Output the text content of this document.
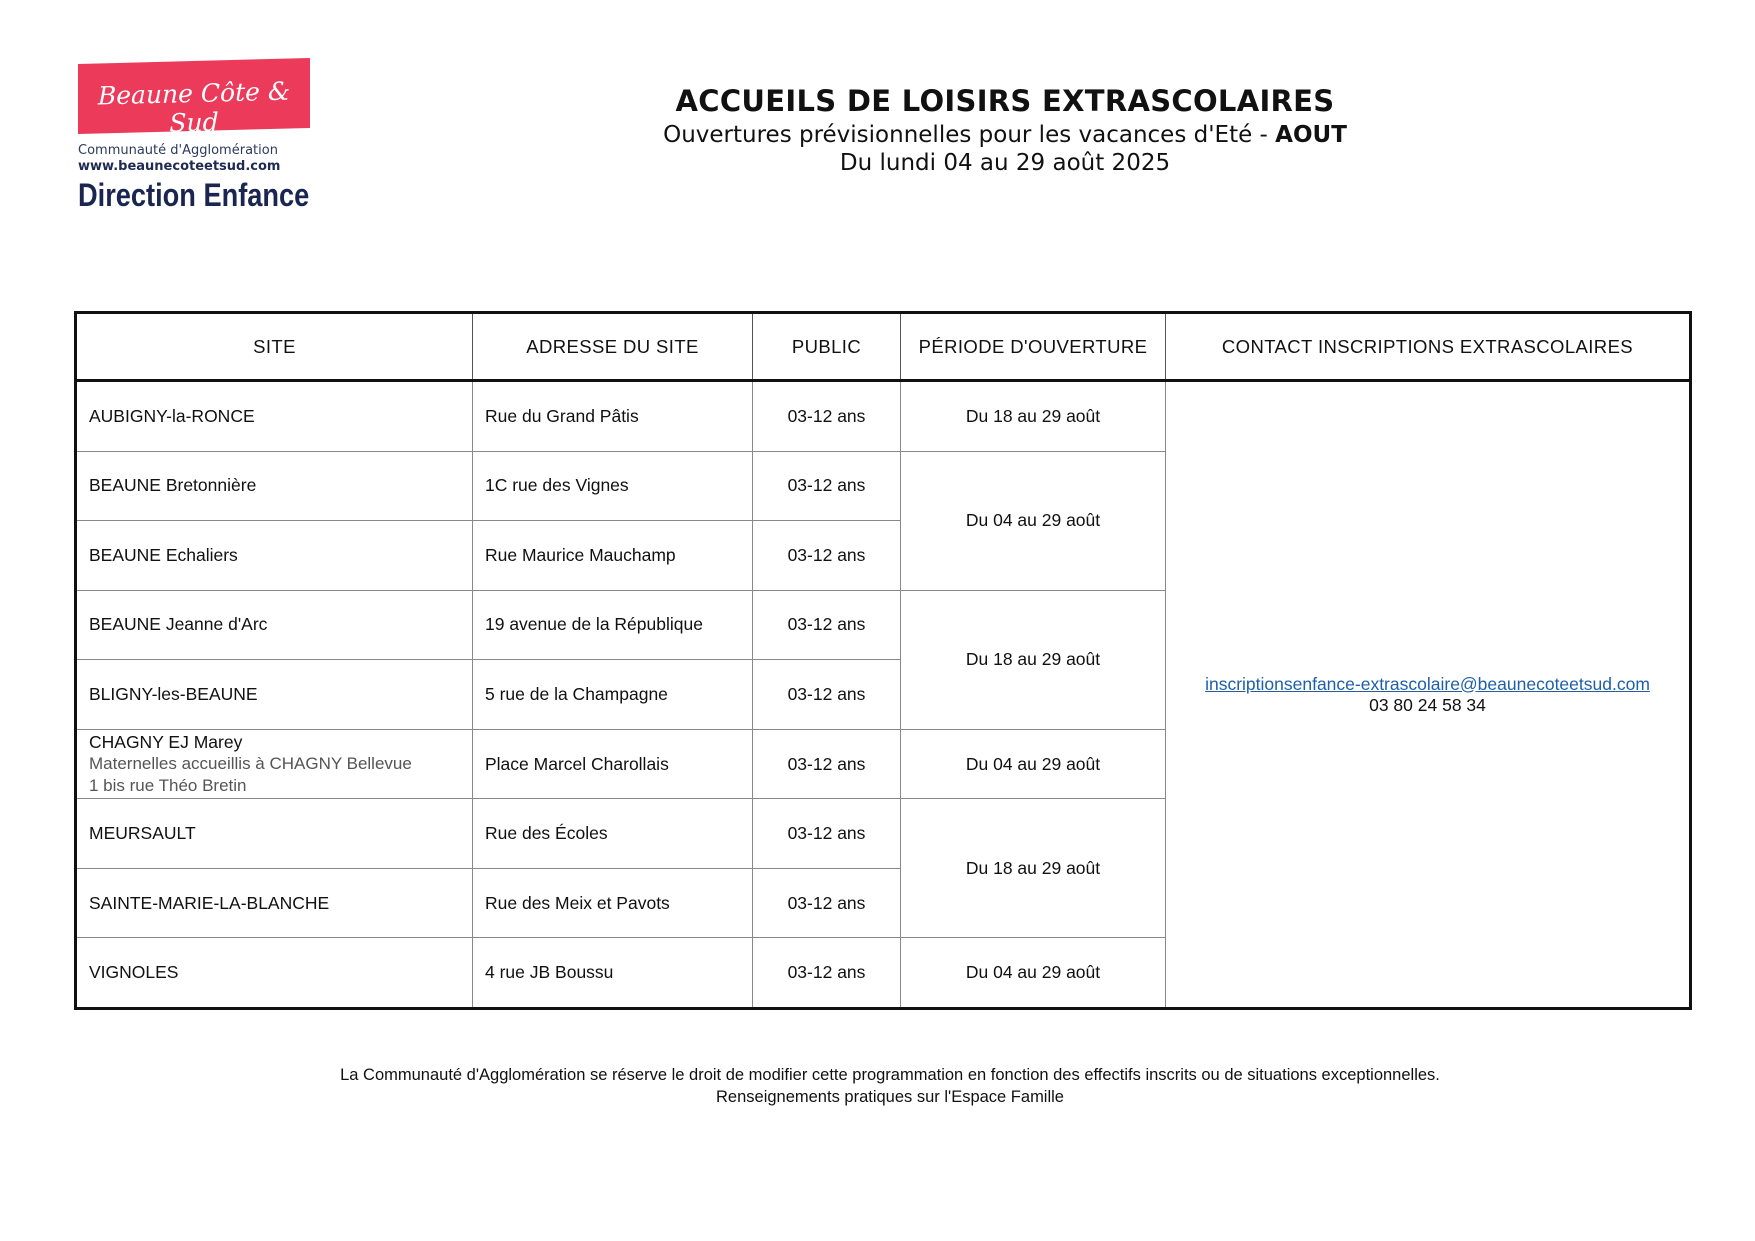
Beaune Côte & Sud
Communauté d'Agglomération
www.beaunecoteetsud.com
Direction Enfance
ACCUEILS DE LOISIRS EXTRASCOLAIRES
Ouvertures prévisionnelles pour les vacances d'Eté - AOUT
Du lundi 04 au 29 août 2025
SITE	ADRESSE DU SITE	PUBLIC	PÉRIODE D'OUVERTURE	CONTACT INSCRIPTIONS EXTRASCOLAIRES
AUBIGNY-la-RONCE	Rue du Grand Pâtis	03-12 ans	Du 18 au 29 août	inscriptionsenfance-extrascolaire@beaunecoteetsud.com
03 80 24 58 34

BEAUNE Bretonnière	1C rue des Vignes	03-12 ans	Du 04 au 29 août	
BEAUNE Echaliers	Rue Maurice Mauchamp	03-12 ans		
BEAUNE Jeanne d'Arc	19 avenue de la République	03-12 ans	Du 18 au 29 août	
BLIGNY-les-BEAUNE	5 rue de la Champagne	03-12 ans		

CHAGNY EJ Marey
Maternelles accueillis à CHAGNY Bellevue
1 bis rue Théo Bretin	Place Marcel Charollais	03-12 ans	Du 04 au 29 août	
MEURSAULT	Rue des Écoles	03-12 ans	Du 18 au 29 août	
SAINTE-MARIE-LA-BLANCHE	Rue des Meix et Pavots	03-12 ans		
VIGNOLES	4 rue JB Boussu	03-12 ans	Du 04 au 29 août	
La Communauté d'Agglomération se réserve le droit de modifier cette programmation en fonction des effectifs inscrits ou de situations exceptionnelles.
Renseignements pratiques sur l'Espace Famille
